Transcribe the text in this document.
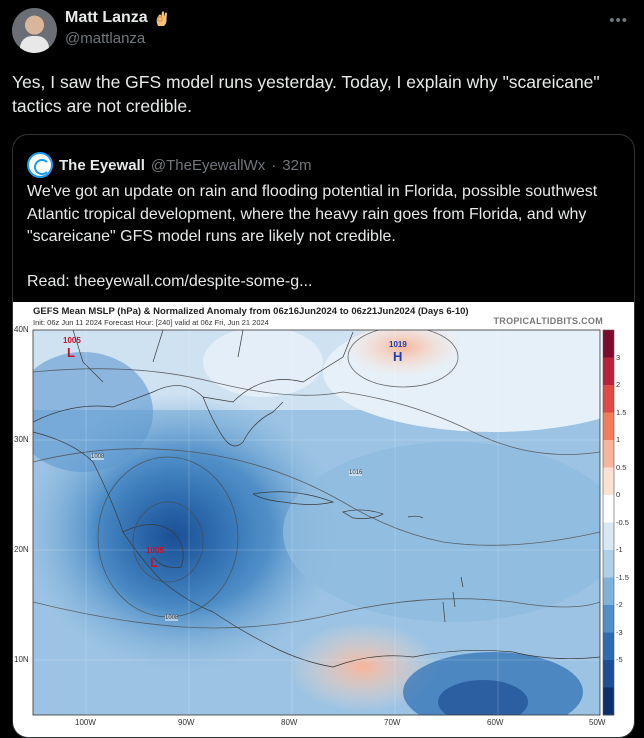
Matt Lanza
@mattlanza
•••
Yes, I saw the GFS model runs yesterday. Today, I explain why "scareicane" tactics are not credible.
The Eyewall @TheEyewallWx · 32m
We've got an update on rain and flooding potential in Florida, possible southwest Atlantic tropical development, where the heavy rain goes from Florida, and why "scareicane" GFS model runs are likely not credible.

Read: theeyewall.com/despite-some-g...
GEFS Mean MSLP (hPa) & Normalized Anomaly from 06z16Jun2024 to 06z21Jun2024 (Days 6-10)
Init: 06z Jun 11 2024 Forecast Hour: [240] valid at 06z Fri, Jun 21 2024	TROPICALTIDBITS.COM
40N
30N
20N
10N
100W	90W	80W	70W	60W	50W
1005
L
1019
H
1005
L
1008
1016
1008
3
2
1.5
1
0.5
0
-0.5
-1
-1.5
-2
-3
-5
